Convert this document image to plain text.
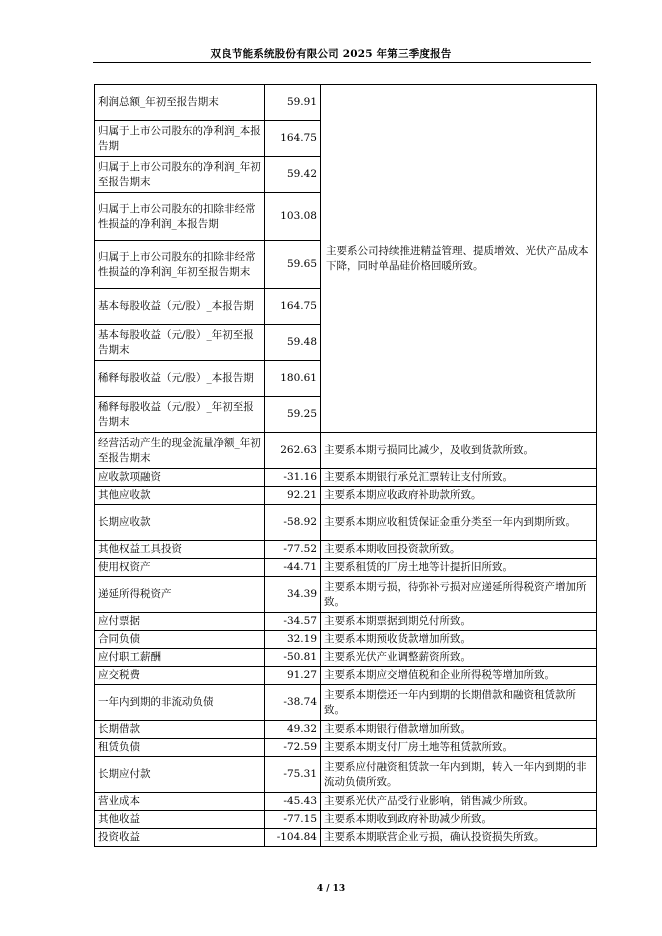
双良节能系统股份有限公司 2025 年第三季度报告
利润总额_年初至报告期末	59.91	主要系公司持续推进精益管理、提质增效、光伏产品成本下降，同时单晶硅价格回暖所致。
归属于上市公司股东的净利润_本报告期	164.75	
归属于上市公司股东的净利润_年初至报告期末	59.42	
归属于上市公司股东的扣除非经常性损益的净利润_本报告期	103.08	
归属于上市公司股东的扣除非经常性损益的净利润_年初至报告期末	59.65	
基本每股收益（元/股）_本报告期	164.75	
基本每股收益（元/股）_年初至报告期末	59.48	
稀释每股收益（元/股）_本报告期	180.61	
稀释每股收益（元/股）_年初至报告期末	59.25	
经营活动产生的现金流量净额_年初至报告期末	262.63	主要系本期亏损同比减少，及收到货款所致。
应收款项融资	-31.16	主要系本期银行承兑汇票转让支付所致。
其他应收款	92.21	主要系本期应收政府补助款所致。
长期应收款	-58.92	主要系本期应收租赁保证金重分类至一年内到期所致。
其他权益工具投资	-77.52	主要系本期收回投资款所致。
使用权资产	-44.71	主要系租赁的厂房土地等计提折旧所致。
递延所得税资产	34.39	主要系本期亏损，待弥补亏损对应递延所得税资产增加所致。
应付票据	-34.57	主要系本期票据到期兑付所致。
合同负债	32.19	主要系本期预收货款增加所致。
应付职工薪酬	-50.81	主要系光伏产业调整薪资所致。
应交税费	91.27	主要系本期应交增值税和企业所得税等增加所致。
一年内到期的非流动负债	-38.74	主要系本期偿还一年内到期的长期借款和融资租赁款所致。
长期借款	49.32	主要系本期银行借款增加所致。
租赁负债	-72.59	主要系本期支付厂房土地等租赁款所致。
长期应付款	-75.31	主要系应付融资租赁款一年内到期，转入一年内到期的非流动负债所致。
营业成本	-45.43	主要系光伏产品受行业影响，销售减少所致。
其他收益	-77.15	主要系本期收到政府补助减少所致。
投资收益	-104.84	主要系本期联营企业亏损，确认投资损失所致。
4 / 13
